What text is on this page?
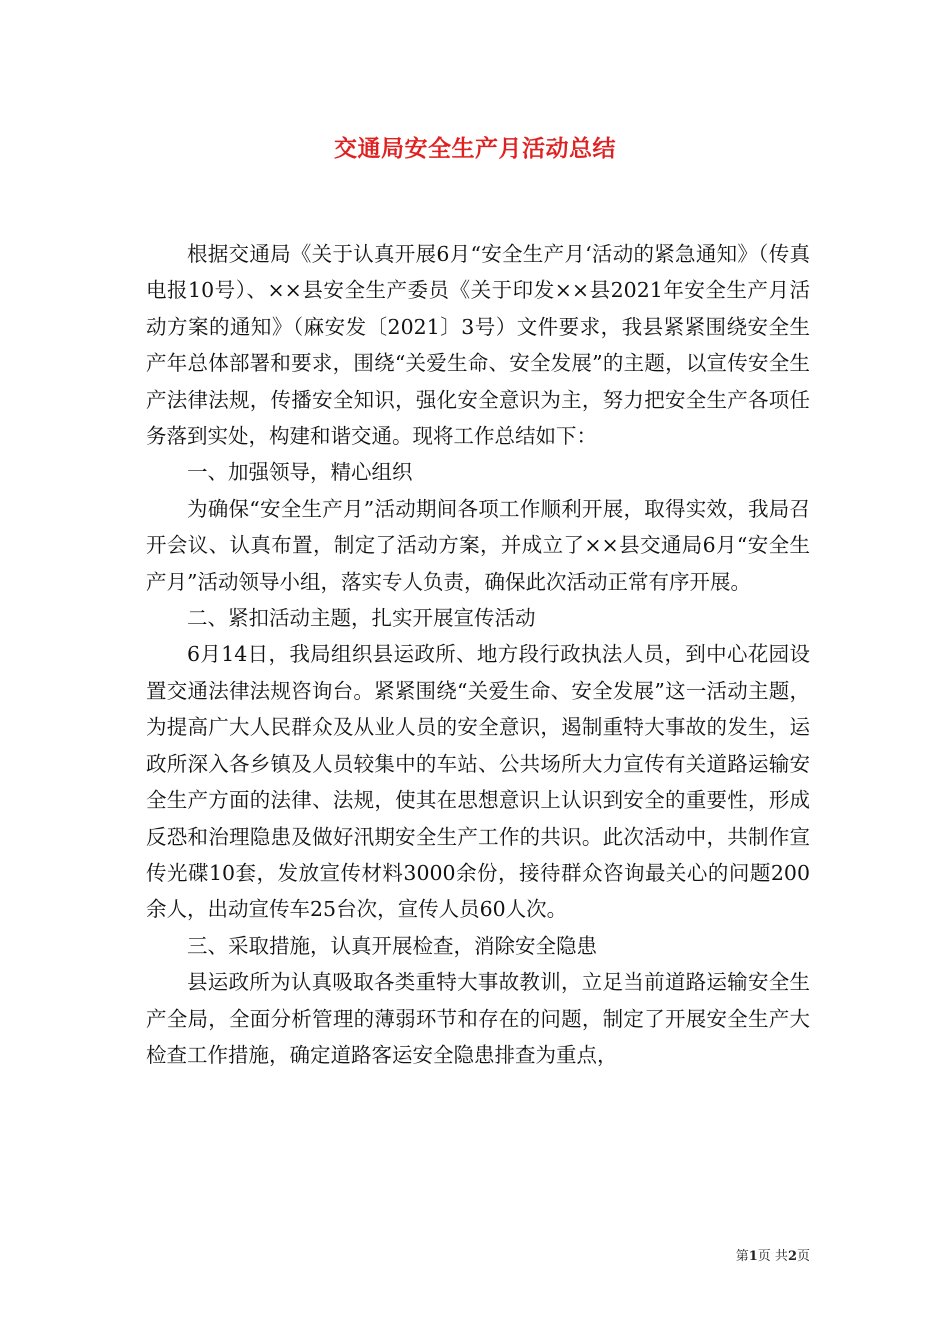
交通局安全生产月活动总结

根据交通局《关于认真开展6月“安全生产月‘活动的紧急通知》（传真电报10号）、××县安全生产委员《关于印发××县2021年安全生产月活动方案的通知》（麻安发〔2021〕3号）文件要求，我县紧紧围绕安全生产年总体部署和要求，围绕“关爱生命、安全发展”的主题，以宣传安全生产法律法规，传播安全知识，强化安全意识为主，努力把安全生产各项任务落到实处，构建和谐交通。现将工作总结如下：

一、加强领导，精心组织

为确保“安全生产月”活动期间各项工作顺利开展，取得实效，我局召开会议、认真布置，制定了活动方案，并成立了××县交通局6月“安全生产月”活动领导小组，落实专人负责，确保此次活动正常有序开展。

二、紧扣活动主题，扎实开展宣传活动

6月14日，我局组织县运政所、地方段行政执法人员，到中心花园设置交通法律法规咨询台。紧紧围绕“关爱生命、安全发展”这一活动主题，为提高广大人民群众及从业人员的安全意识，遏制重特大事故的发生，运政所深入各乡镇及人员较集中的车站、公共场所大力宣传有关道路运输安全生产方面的法律、法规，使其在思想意识上认识到安全的重要性，形成反恐和治理隐患及做好汛期安全生产工作的共识。此次活动中，共制作宣传光碟10套，发放宣传材料3000余份，接待群众咨询最关心的问题200余人，出动宣传车25台次，宣传人员60人次。

三、采取措施，认真开展检查，消除安全隐患

县运政所为认真吸取各类重特大事故教训，立足当前道路运输安全生产全局，全面分析管理的薄弱环节和存在的问题，制定了开展安全生产大检查工作措施，确定道路客运安全隐患排查为重点，

第1页 共2页
